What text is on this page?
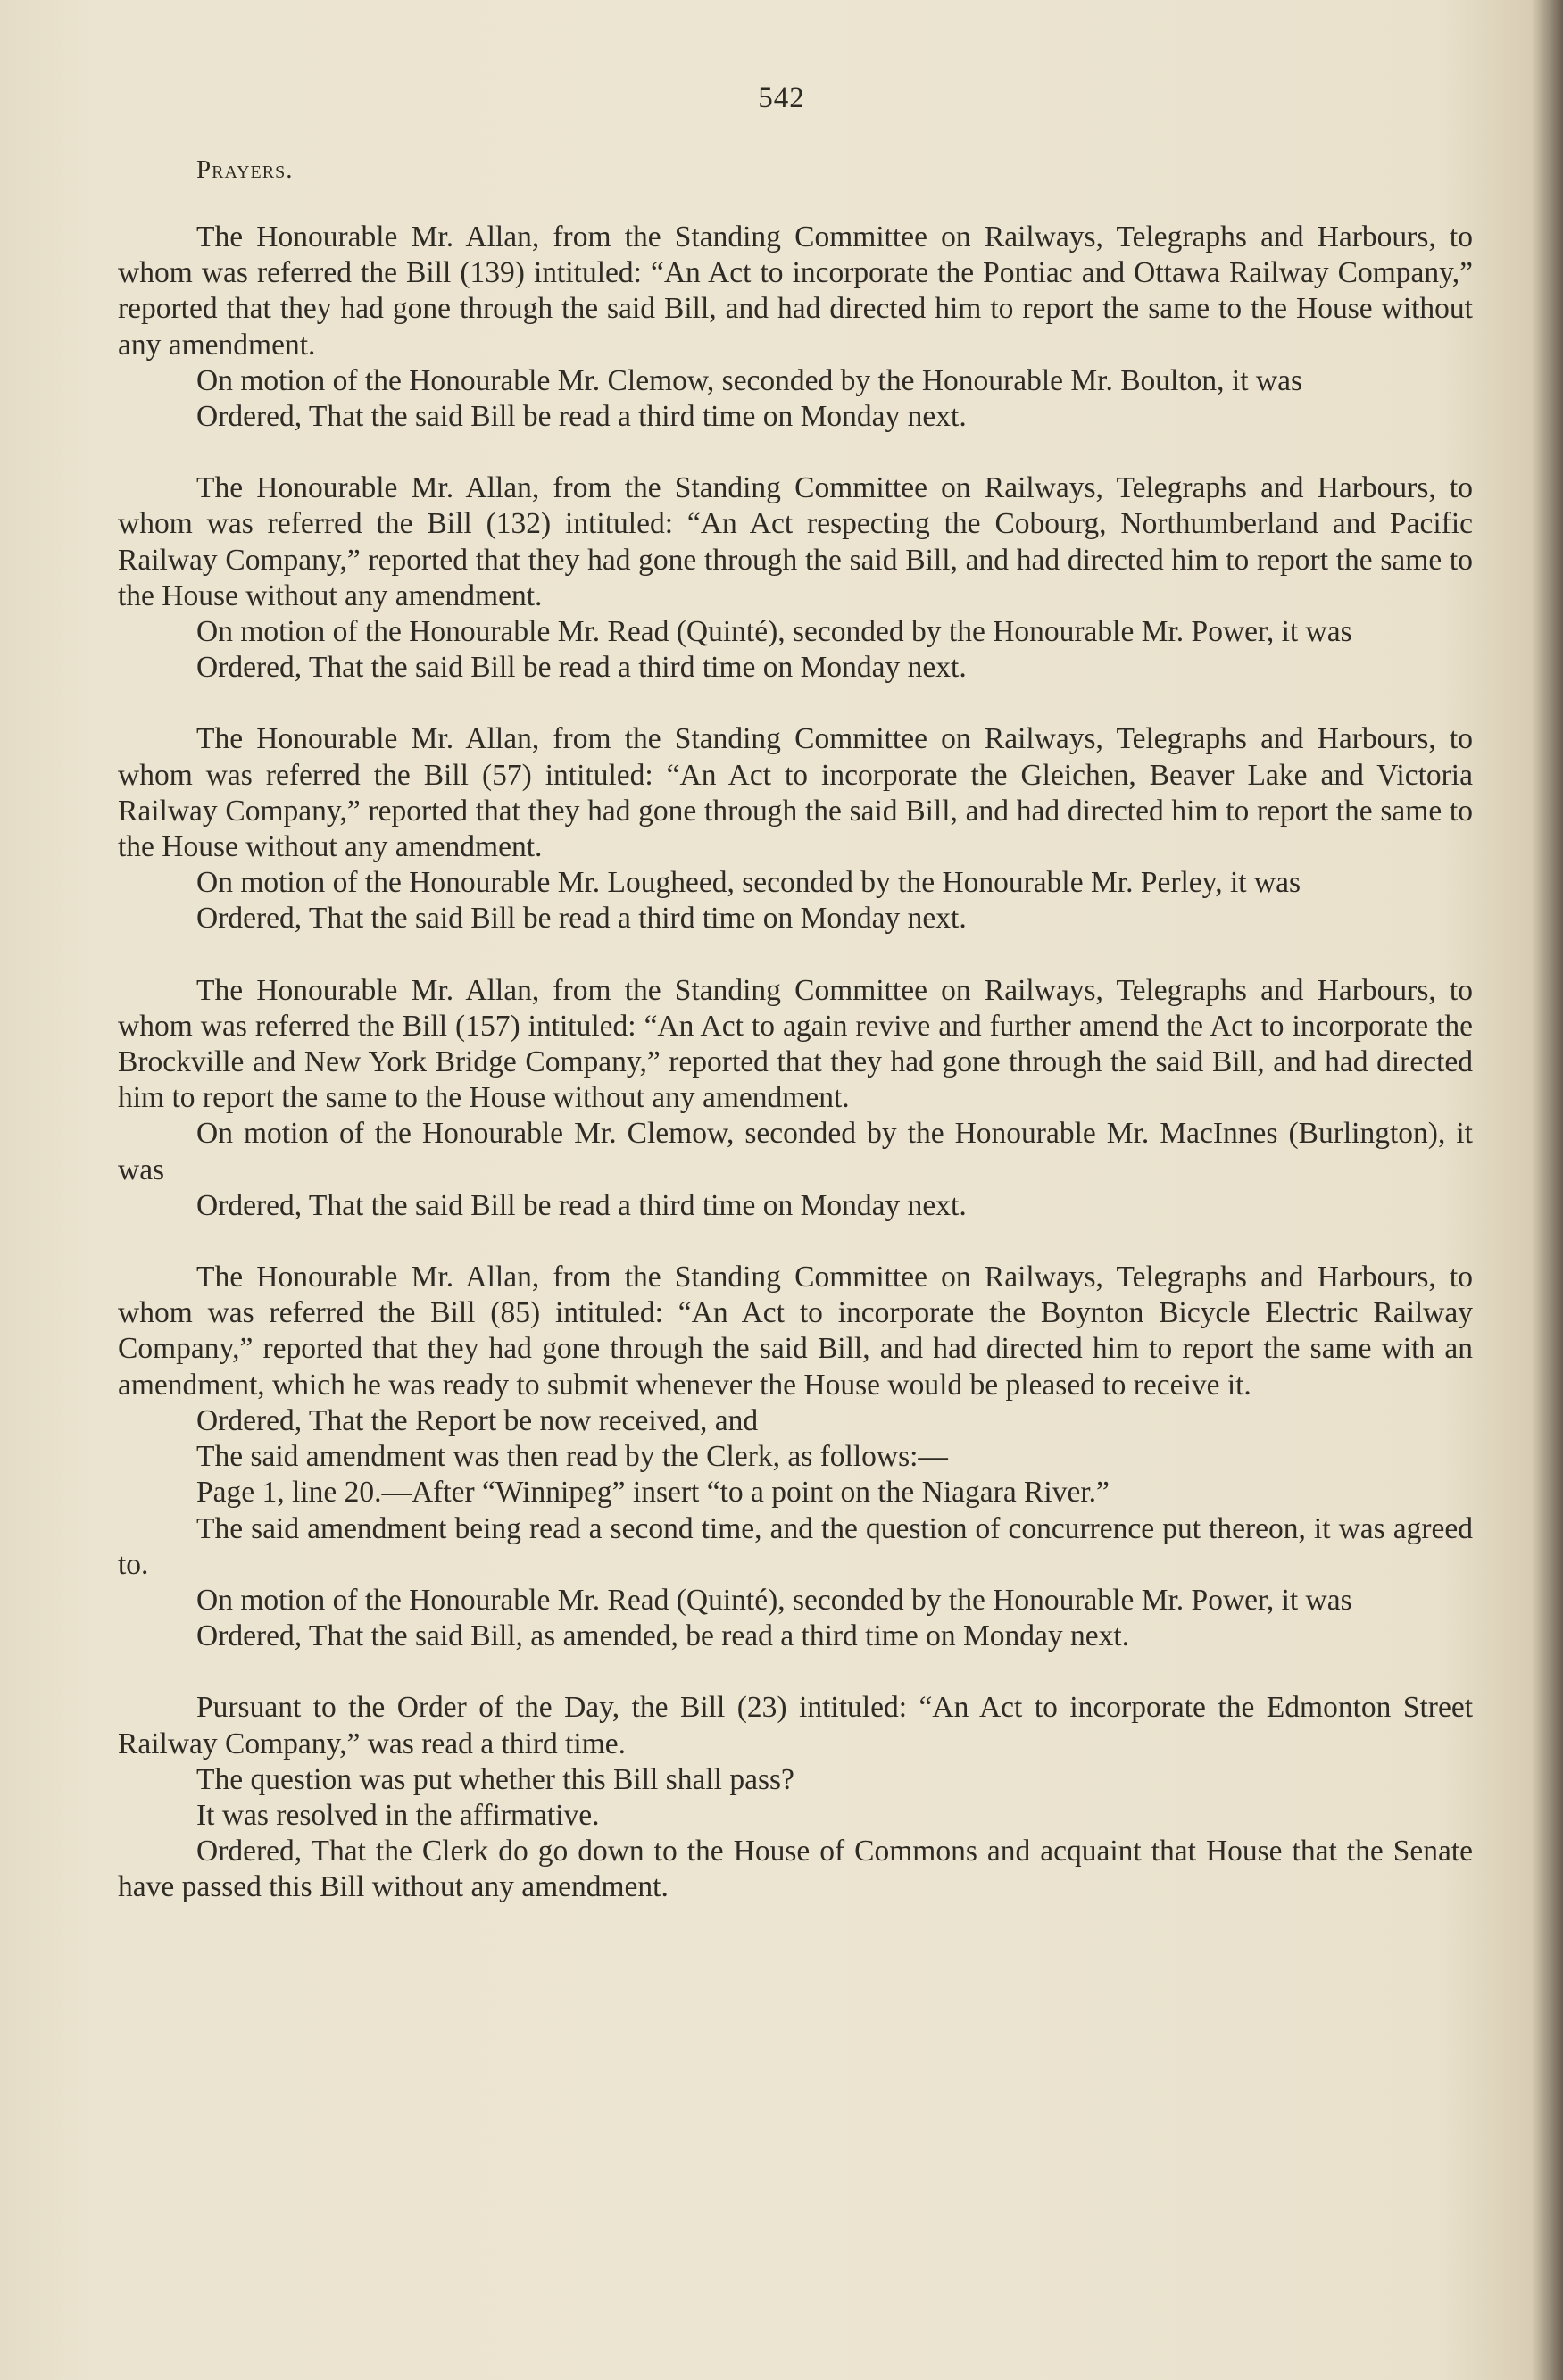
542
Prayers.

The Honourable Mr. Allan, from the Standing Committee on Railways, Telegraphs and Harbours, to whom was referred the Bill (139) intituled: “An Act to incorporate the Pontiac and Ottawa Railway Company,” reported that they had gone through the said Bill, and had directed him to report the same to the House without any amendment.

On motion of the Honourable Mr. Clemow, seconded by the Honourable Mr. Boulton, it was

Ordered, That the said Bill be read a third time on Monday next.

The Honourable Mr. Allan, from the Standing Committee on Railways, Telegraphs and Harbours, to whom was referred the Bill (132) intituled: “An Act respecting the Cobourg, Northumberland and Pacific Railway Company,” reported that they had gone through the said Bill, and had directed him to report the same to the House without any amendment.

On motion of the Honourable Mr. Read (Quinté), seconded by the Honourable Mr. Power, it was

Ordered, That the said Bill be read a third time on Monday next.

The Honourable Mr. Allan, from the Standing Committee on Railways, Telegraphs and Harbours, to whom was referred the Bill (57) intituled: “An Act to incorporate the Gleichen, Beaver Lake and Victoria Railway Company,” reported that they had gone through the said Bill, and had directed him to report the same to the House without any amendment.

On motion of the Honourable Mr. Lougheed, seconded by the Honourable Mr. Perley, it was

Ordered, That the said Bill be read a third time on Monday next.

The Honourable Mr. Allan, from the Standing Committee on Railways, Telegraphs and Harbours, to whom was referred the Bill (157) intituled: “An Act to again revive and further amend the Act to incorporate the Brockville and New York Bridge Company,” reported that they had gone through the said Bill, and had directed him to report the same to the House without any amendment.

On motion of the Honourable Mr. Clemow, seconded by the Honourable Mr. MacInnes (Burlington), it was

Ordered, That the said Bill be read a third time on Monday next.

The Honourable Mr. Allan, from the Standing Committee on Railways, Telegraphs and Harbours, to whom was referred the Bill (85) intituled: “An Act to incorporate the Boynton Bicycle Electric Railway Company,” reported that they had gone through the said Bill, and had directed him to report the same with an amendment, which he was ready to submit whenever the House would be pleased to receive it.

Ordered, That the Report be now received, and

The said amendment was then read by the Clerk, as follows:—

Page 1, line 20.—After “Winnipeg” insert “to a point on the Niagara River.”

The said amendment being read a second time, and the question of concurrence put thereon, it was agreed to.

On motion of the Honourable Mr. Read (Quinté), seconded by the Honourable Mr. Power, it was

Ordered, That the said Bill, as amended, be read a third time on Monday next.

Pursuant to the Order of the Day, the Bill (23) intituled: “An Act to incorporate the Edmonton Street Railway Company,” was read a third time.

The question was put whether this Bill shall pass?

It was resolved in the affirmative.

Ordered, That the Clerk do go down to the House of Commons and acquaint that House that the Senate have passed this Bill without any amendment.
